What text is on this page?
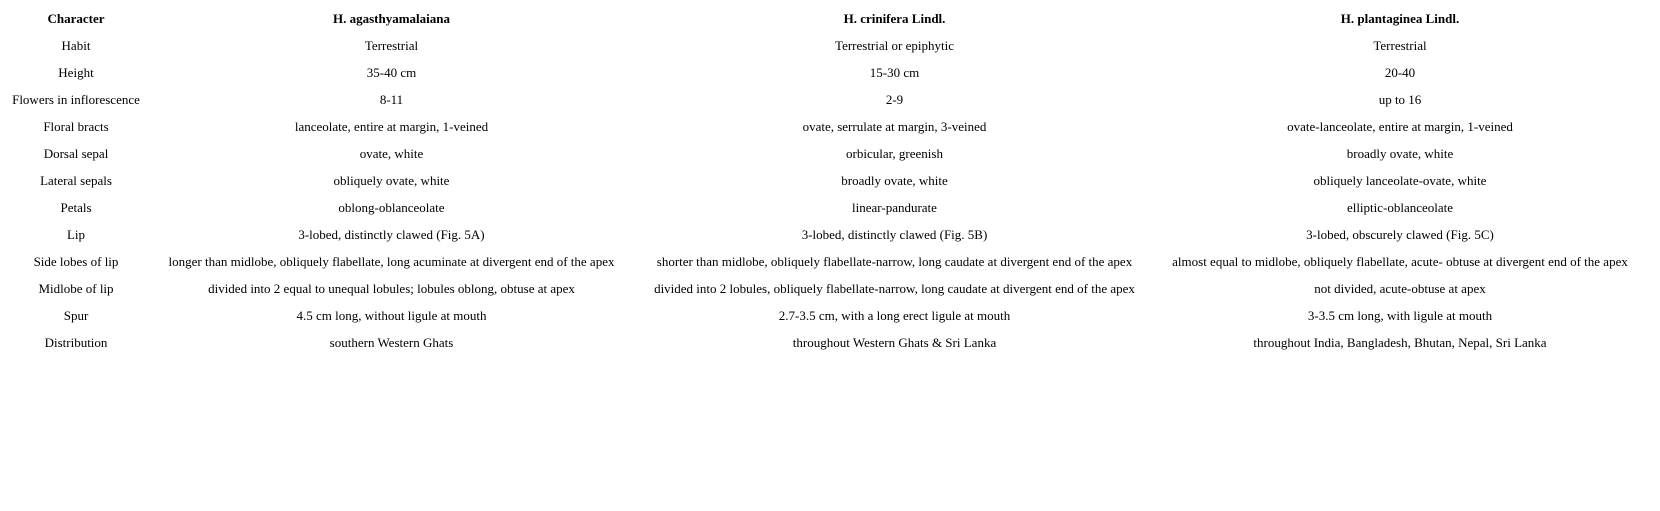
Character	H. agasthyamalaiana	H. crinifera Lindl.	H. plantaginea Lindl.
Habit	Terrestrial	Terrestrial or epiphytic	Terrestrial
Height	35-40 cm	15-30 cm	20-40
Flowers in inflorescence	8-11	2-9	up to 16
Floral bracts	lanceolate, entire at margin, 1-veined	ovate, serrulate at margin, 3-veined	ovate-lanceolate, entire at margin, 1-veined
Dorsal sepal	ovate, white	orbicular, greenish	broadly ovate, white
Lateral sepals	obliquely ovate, white	broadly ovate, white	obliquely lanceolate-ovate, white
Petals	oblong-oblanceolate	linear-pandurate	elliptic-oblanceolate
Lip	3-lobed, distinctly clawed (Fig. 5A)	3-lobed, distinctly clawed (Fig. 5B)	3-lobed, obscurely clawed (Fig. 5C)
Side lobes of lip	longer than midlobe, obliquely flabellate, long acuminate at divergent end of the apex	shorter than midlobe, obliquely flabellate-narrow, long caudate at divergent end of the apex	almost equal to midlobe, obliquely flabellate, acute- obtuse at divergent end of the apex
Midlobe of lip	divided into 2 equal to unequal lobules; lobules oblong, obtuse at apex	divided into 2 lobules, obliquely flabellate-narrow, long caudate at divergent end of the apex	not divided, acute-obtuse at apex
Spur	4.5 cm long, without ligule at mouth	2.7-3.5 cm, with a long erect ligule at mouth	3-3.5 cm long, with ligule at mouth
Distribution	southern Western Ghats	throughout Western Ghats & Sri Lanka	throughout India, Bangladesh, Bhutan, Nepal, Sri Lanka
